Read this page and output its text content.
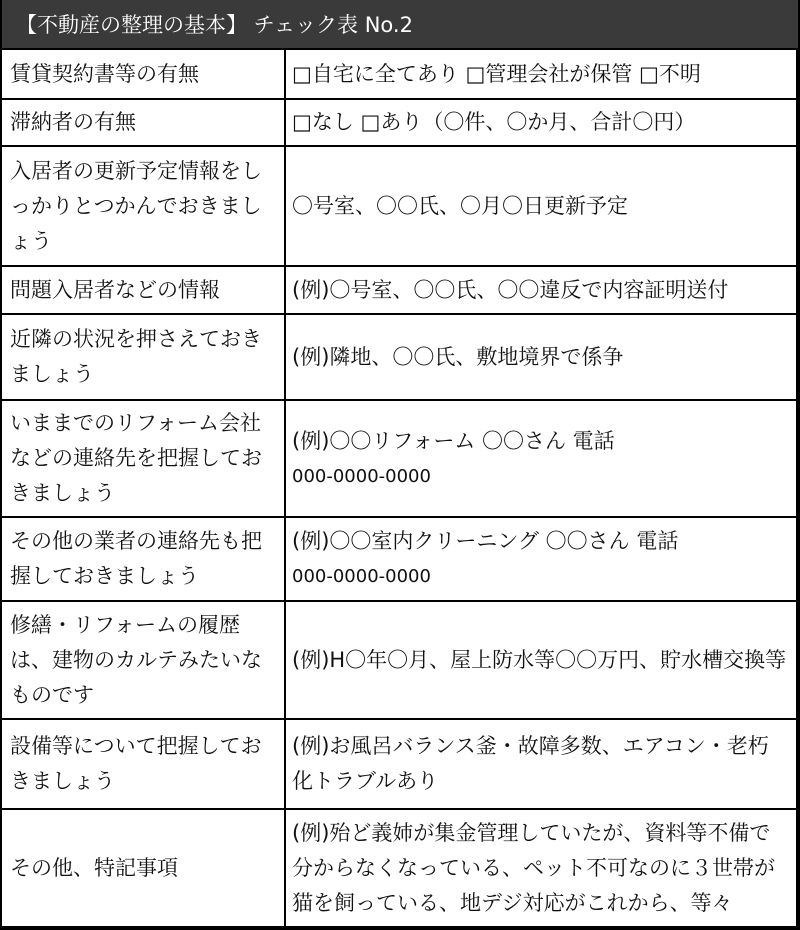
【不動産の整理の基本】 チェック表 No.2
賃貸契約書等の有無	□自宅に全てあり □管理会社が保管 □不明
滞納者の有無	□なし □あり（〇件、〇か月、合計〇円）
入居者の更新予定情報をしっかりとつかんでおきましょう	〇号室、〇〇氏、〇月〇日更新予定
問題入居者などの情報	(例)〇号室、〇〇氏、〇〇違反で内容証明送付
近隣の状況を押さえておきましょう	(例)隣地、〇〇氏、敷地境界で係争
いままでのリフォーム会社などの連絡先を把握しておきましょう	(例)〇〇リフォーム 〇〇さん 電話
000-0000-0000

その他の業者の連絡先も把握しておきましょう	(例)〇〇室内クリーニング 〇〇さん 電話
000-0000-0000

修繕・リフォームの履歴は、建物のカルテみたいなものです	(例)H〇年〇月、屋上防水等〇〇万円、貯水槽交換等
設備等について把握しておきましょう	(例)お風呂バランス釜・故障多数、エアコン・老朽化トラブルあり
その他、特記事項	(例)殆ど義姉が集金管理していたが、資料等不備で分からなくなっている、ペット不可なのに３世帯が猫を飼っている、地デジ対応がこれから、等々
